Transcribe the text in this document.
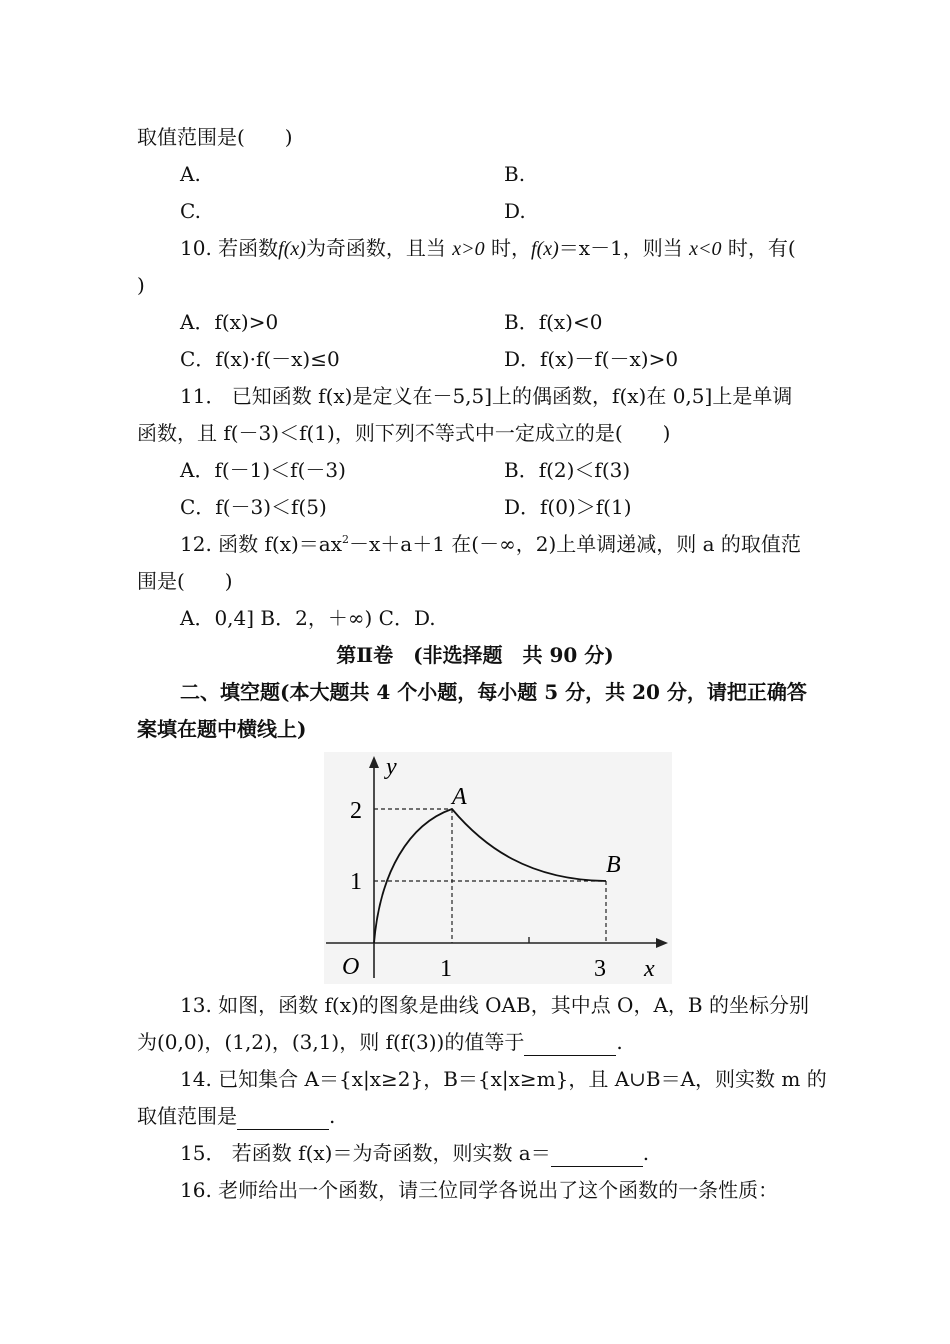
取值范围是(　　)
A.	B.
C.	D.
10. 若函数f(x)为奇函数，且当 x>0 时，f(x)＝x－1，则当 x<0 时，有(
)
A．f(x)>0	B．f(x)<0
C．f(x)·f(－x)≤0	D．f(x)－f(－x)>0
11． 已知函数 f(x)是定义在－5,5]上的偶函数，f(x)在 0,5]上是单调
函数，且 f(－3)＜f(1)，则下列不等式中一定成立的是(　　)
A．f(－1)＜f(－3)	B．f(2)＜f(3)
C．f(－3)＜f(5)	D．f(0)＞f(1)
12. 函数 $f(x)=ax^2-x+a+1$ 在(－∞，2)上单调递减，则 a 的取值范
围是(　　)
A．0,4] B．2，＋∞) C．D.
第Ⅱ卷　(非选择题　共 90 分)
二、填空题(本大题共 4 个小题，每小题 5 分，共 20 分，请把正确答
案填在题中横线上)
y
x
O
A
B
2
1
1	3
13. 如图，函数 f(x)的图象是曲线 OAB，其中点 O，A，B 的坐标分别
为(0,0)，(1,2)，(3,1)，则 f(f(3))的值等于	.
14. 已知集合 A＝{x|x≥2}，B＝{x|x≥m}，且 A∪B＝A，则实数 m 的
取值范围是	.
15． 若函数 f(x)＝为奇函数，则实数 a＝	.
16. 老师给出一个函数，请三位同学各说出了这个函数的一条性质：
